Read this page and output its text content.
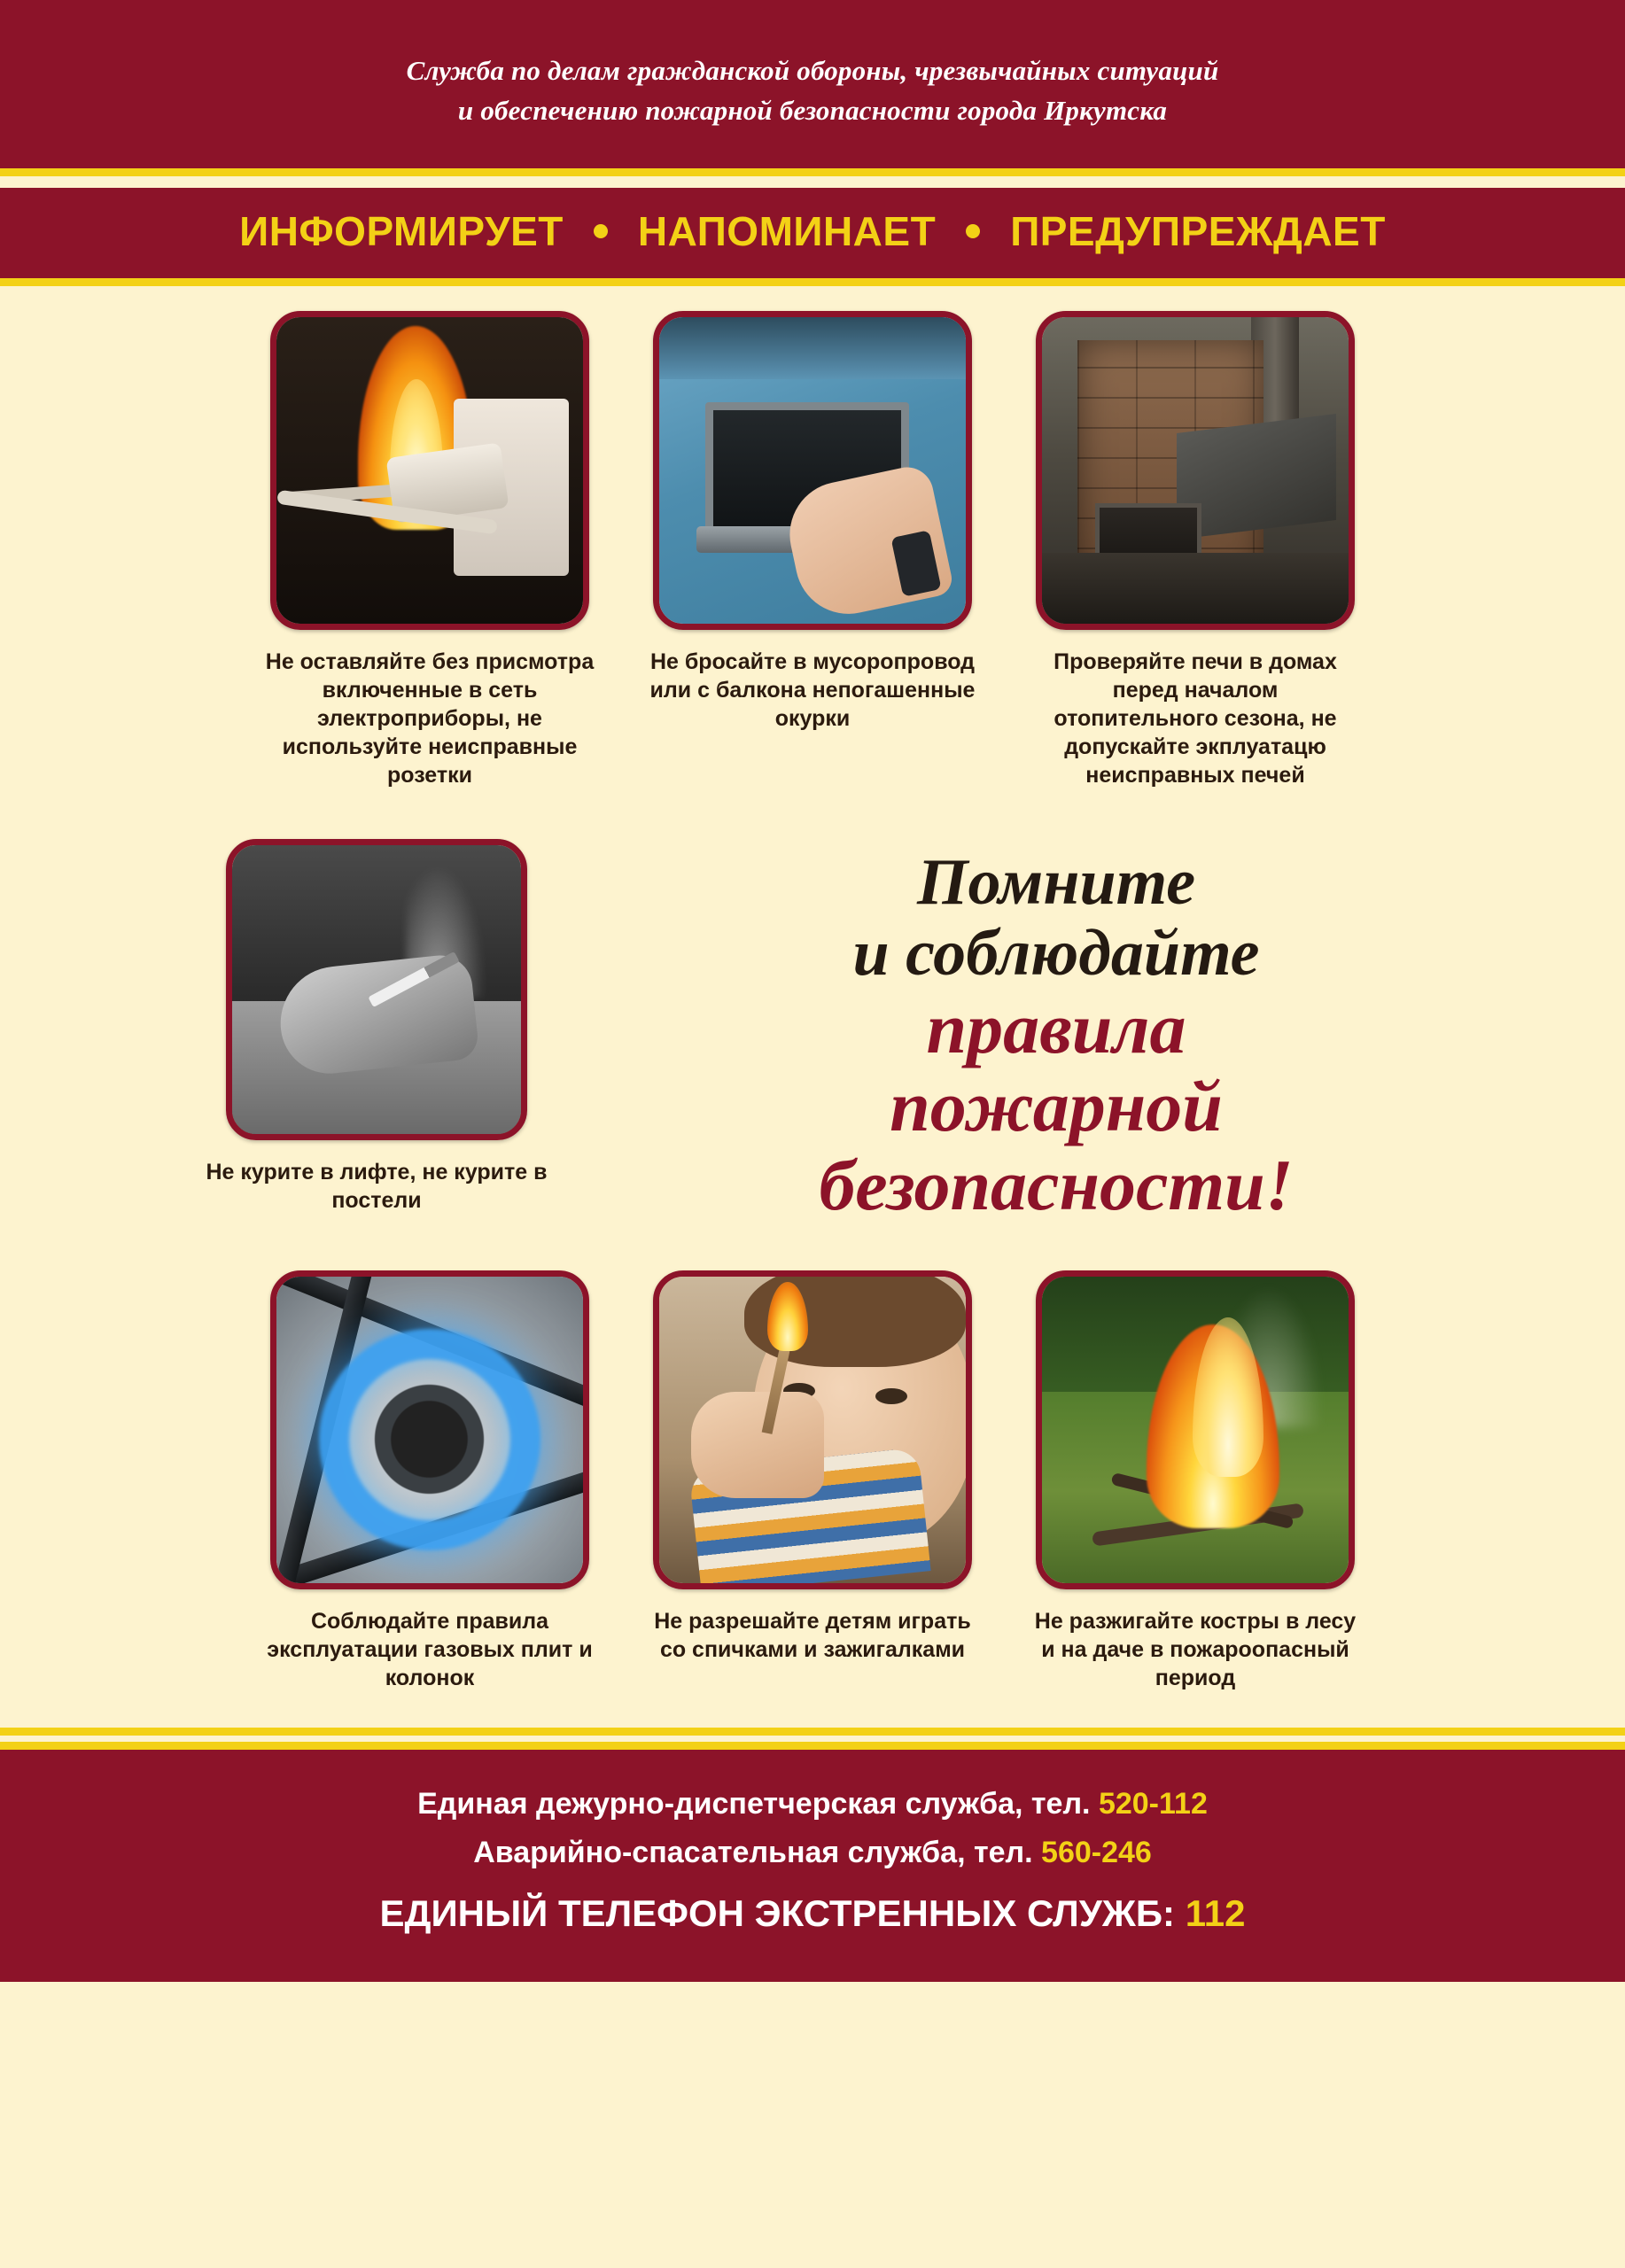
Служба по делам гражданской обороны, чрезвычайных ситуаций
и обеспечению пожарной безопасности города Иркутска
ИНФОРМИРУЕТ НАПОМИНАЕТ ПРЕДУПРЕЖДАЕТ
Не оставляйте без присмотра включенные в сеть электроприборы, не используйте неисправные розетки
Не бросайте в мусоропровод или с балкона непогашенные окурки
Проверяйте печи в домах перед началом отопительного сезона, не допускайте экплуатацю неисправных печей
Не курите в лифте, не курите в постели
Помните
и соблюдайте
правила
пожарной
безопасности!
Соблюдайте правила эксплуатации газовых плит и колонок
Не разрешайте детям играть со спичками и зажигалками
Не разжигайте костры в лесу и на даче в пожароопасный период
Единая дежурно-диспетчерская служба, тел. 520-112
Аварийно-спасательная служба, тел. 560-246
ЕДИНЫЙ ТЕЛЕФОН ЭКСТРЕННЫХ СЛУЖБ: 112
